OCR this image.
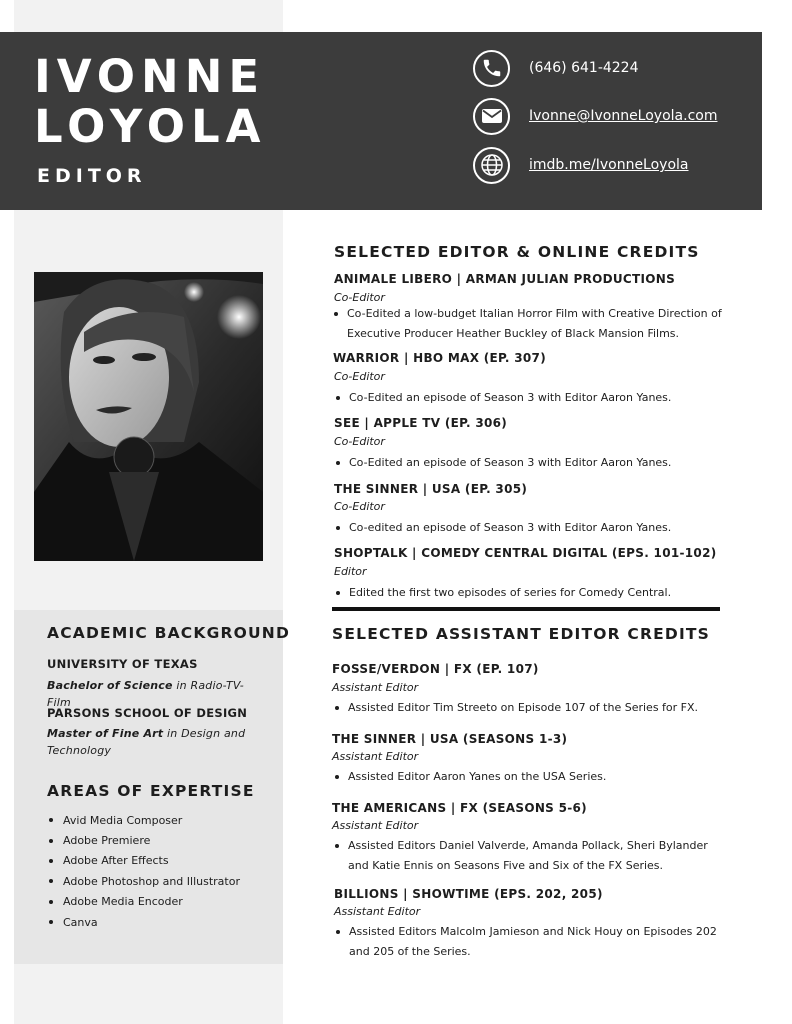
IVONNE
LOYOLA
EDITOR
(646) 641-4224
Ivonne@IvonneLoyola.com
imdb.me/IvonneLoyola
ACADEMIC BACKGROUND
UNIVERSITY OF TEXAS
Bachelor of Science in Radio-TV-Film
PARSONS SCHOOL OF DESIGN
Master of Fine Art in Design and Technology
AREAS OF EXPERTISE
Avid Media Composer
Adobe Premiere
Adobe After Effects
Adobe Photoshop and Illustrator
Adobe Media Encoder
Canva
SELECTED EDITOR & ONLINE CREDITS
ANIMALE LIBERO | ARMAN JULIAN PRODUCTIONS
Co-Editor
Co-Edited a low-budget Italian Horror Film with Creative Direction of Executive Producer Heather Buckley of Black Mansion Films.
WARRIOR | HBO MAX (EP. 307)
Co-Editor
Co-Edited an episode of Season 3 with Editor Aaron Yanes.
SEE | APPLE TV (EP. 306)
Co-Editor
Co-Edited an episode of Season 3 with Editor Aaron Yanes.
THE SINNER | USA (EP. 305)
Co-Editor
Co-edited an episode of Season 3 with Editor Aaron Yanes.
SHOPTALK | COMEDY CENTRAL DIGITAL (EPS. 101-102)
Editor
Edited the first two episodes of series for Comedy Central.
SELECTED ASSISTANT EDITOR CREDITS
FOSSE/VERDON | FX (EP. 107)
Assistant Editor
Assisted Editor Tim Streeto on Episode 107 of the Series for FX.
THE SINNER | USA (SEASONS 1-3)
Assistant Editor
Assisted Editor Aaron Yanes on the USA Series.
THE AMERICANS | FX (SEASONS 5-6)
Assistant Editor
Assisted Editors Daniel Valverde, Amanda Pollack, Sheri Bylander and Katie Ennis on Seasons Five and Six of the FX Series.
BILLIONS | SHOWTIME (EPS. 202, 205)
Assistant Editor
Assisted Editors Malcolm Jamieson and Nick Houy on Episodes 202 and 205 of the Series.
